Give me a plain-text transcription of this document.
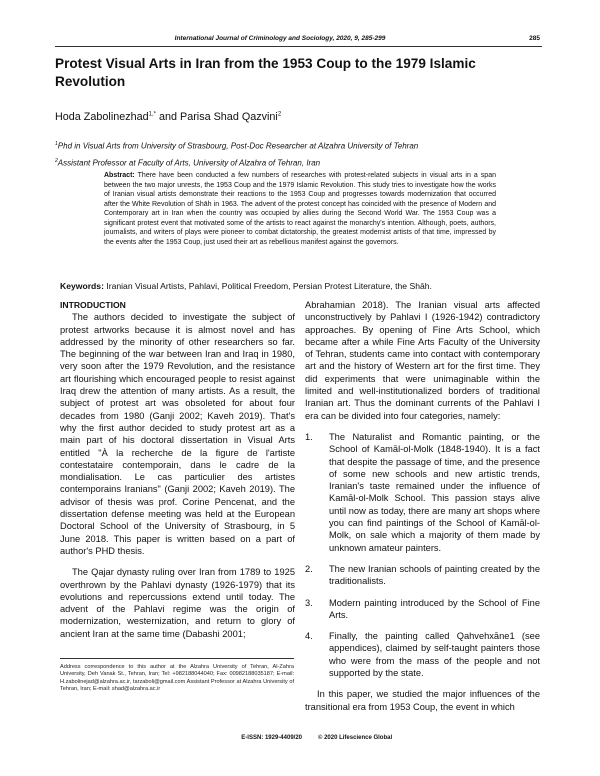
International Journal of Criminology and Sociology, 2020, 9, 285-299	285
Protest Visual Arts in Iran from the 1953 Coup to the 1979 Islamic Revolution
Hoda Zabolinezhad$^{1,*}$ and Parisa Shad Qazvini$^2$
$^1$Phd in Visual Arts from University of Strasbourg, Post-Doc Researcher at Alzahra University of Tehran
$^2$Assistant Professor at Faculty of Arts, University of Alzahra of Tehran, Iran

Abstract: There have been conducted a few numbers of researches with protest-related subjects in visual arts in a span between the two major unrests, the 1953 Coup and the 1979 Islamic Revolution. This study tries to investigate how the works of Iranian visual artists demonstrate their reactions to the 1953 Coup and progresses towards modernization that occurred after the White Revolution of Shāh in 1963. The advent of the protest concept has coincided with the presence of Modern and Contemporary art in Iran when the country was occupied by allies during the Second World War. The 1953 Coup was a significant protest event that motivated some of the artists to react against the monarchy's intention. Although, poets, authors, journalists, and writers of plays were pioneer to combat dictatorship, the greatest modernist artists of that time, impressed by the events after the 1953 Coup, just used their art as rebellious manifest against the governors.

Keywords: Iranian Visual Artists, Pahlavi, Political Freedom, Persian Protest Literature, the Shāh.

INTRODUCTION

The authors decided to investigate the subject of protest artworks because it is almost novel and has addressed by the minority of other researchers so far. The beginning of the war between Iran and Iraq in 1980, very soon after the 1979 Revolution, and the resistance art flourishing which encouraged people to resist against Iraq drew the attention of many artists. As a result, the subject of protest art was obsoleted for about four decades from 1980 (Ganji 2002; Kaveh 2019). That's why the first author decided to study protest art as a main part of his doctoral dissertation in Visual Arts entitled "À la recherche de la figure de l'artiste contestataire contemporain, dans le cadre de la mondialisation. Le cas particulier des artistes contemporains Iranians" (Ganji 2002; Kaveh 2019). The advisor of thesis was prof. Corine Pencenat, and the dissertation defense meeting was held at the European Doctoral School of the University of Strasbourg, in 5 June 2018. This paper is written based on a part of author's PHD thesis.

The Qajar dynasty ruling over Iran from 1789 to 1925 overthrown by the Pahlavi dynasty (1926-1979) that its evolutions and repercussions extend until today. The advent of the Pahlavi regime was the origin of modernization, westernization, and return to glory of ancient Iran at the same time (Dabashi 2001;

Abrahamian 2018). The Iranian visual arts affected unconstructively by Pahlavi I (1926-1942) contradictory approaches. By opening of Fine Arts School, which became after a while Fine Arts Faculty of the University of Tehran, students came into contact with contemporary art and the history of Western art for the first time. They did experiments that were unimaginable within the limited and well-institutionalized borders of traditional Iranian art. Thus the dominant currents of the Pahlavi I era can be divided into four categories, namely:

1.	The Naturalist and Romantic painting, or the School of Kamāl-ol-Molk (1848-1940). It is a fact that despite the passage of time, and the presence of some new schools and new artistic trends, Iranian's taste remained under the influence of Kamāl-ol-Molk School. This passion stays alive until now as today, there are many art shops where you can find paintings of the School of Kamāl-ol-Molk, on sale which a majority of them made by unknown amateur painters.
2.	The new Iranian schools of painting created by the traditionalists.
3.	Modern painting introduced by the School of Fine Arts.
4.	Finally, the painting called Qahvehxāne1 (see appendices), claimed by self-taught painters those who were from the mass of the people and not supported by the state.

In this paper, we studied the major influences of the transitional era from 1953 Coup, the event in which

Address correspondence to this author at the Alzahra University of Tehran, Al-Zahra University, Deh Vanak St., Tehran, Iran; Tel: +982188044040; Fax: 00982188035187; E-mail: H.zabolinejad@alzahra.ac.ir, tarzaboli@gmail.com Assistant Professor at Alzahra University of Tehran, Iran; E-mail: shad@alzahra.ac.ir

E-ISSN: 1929-4409/20	© 2020 Lifescience Global
